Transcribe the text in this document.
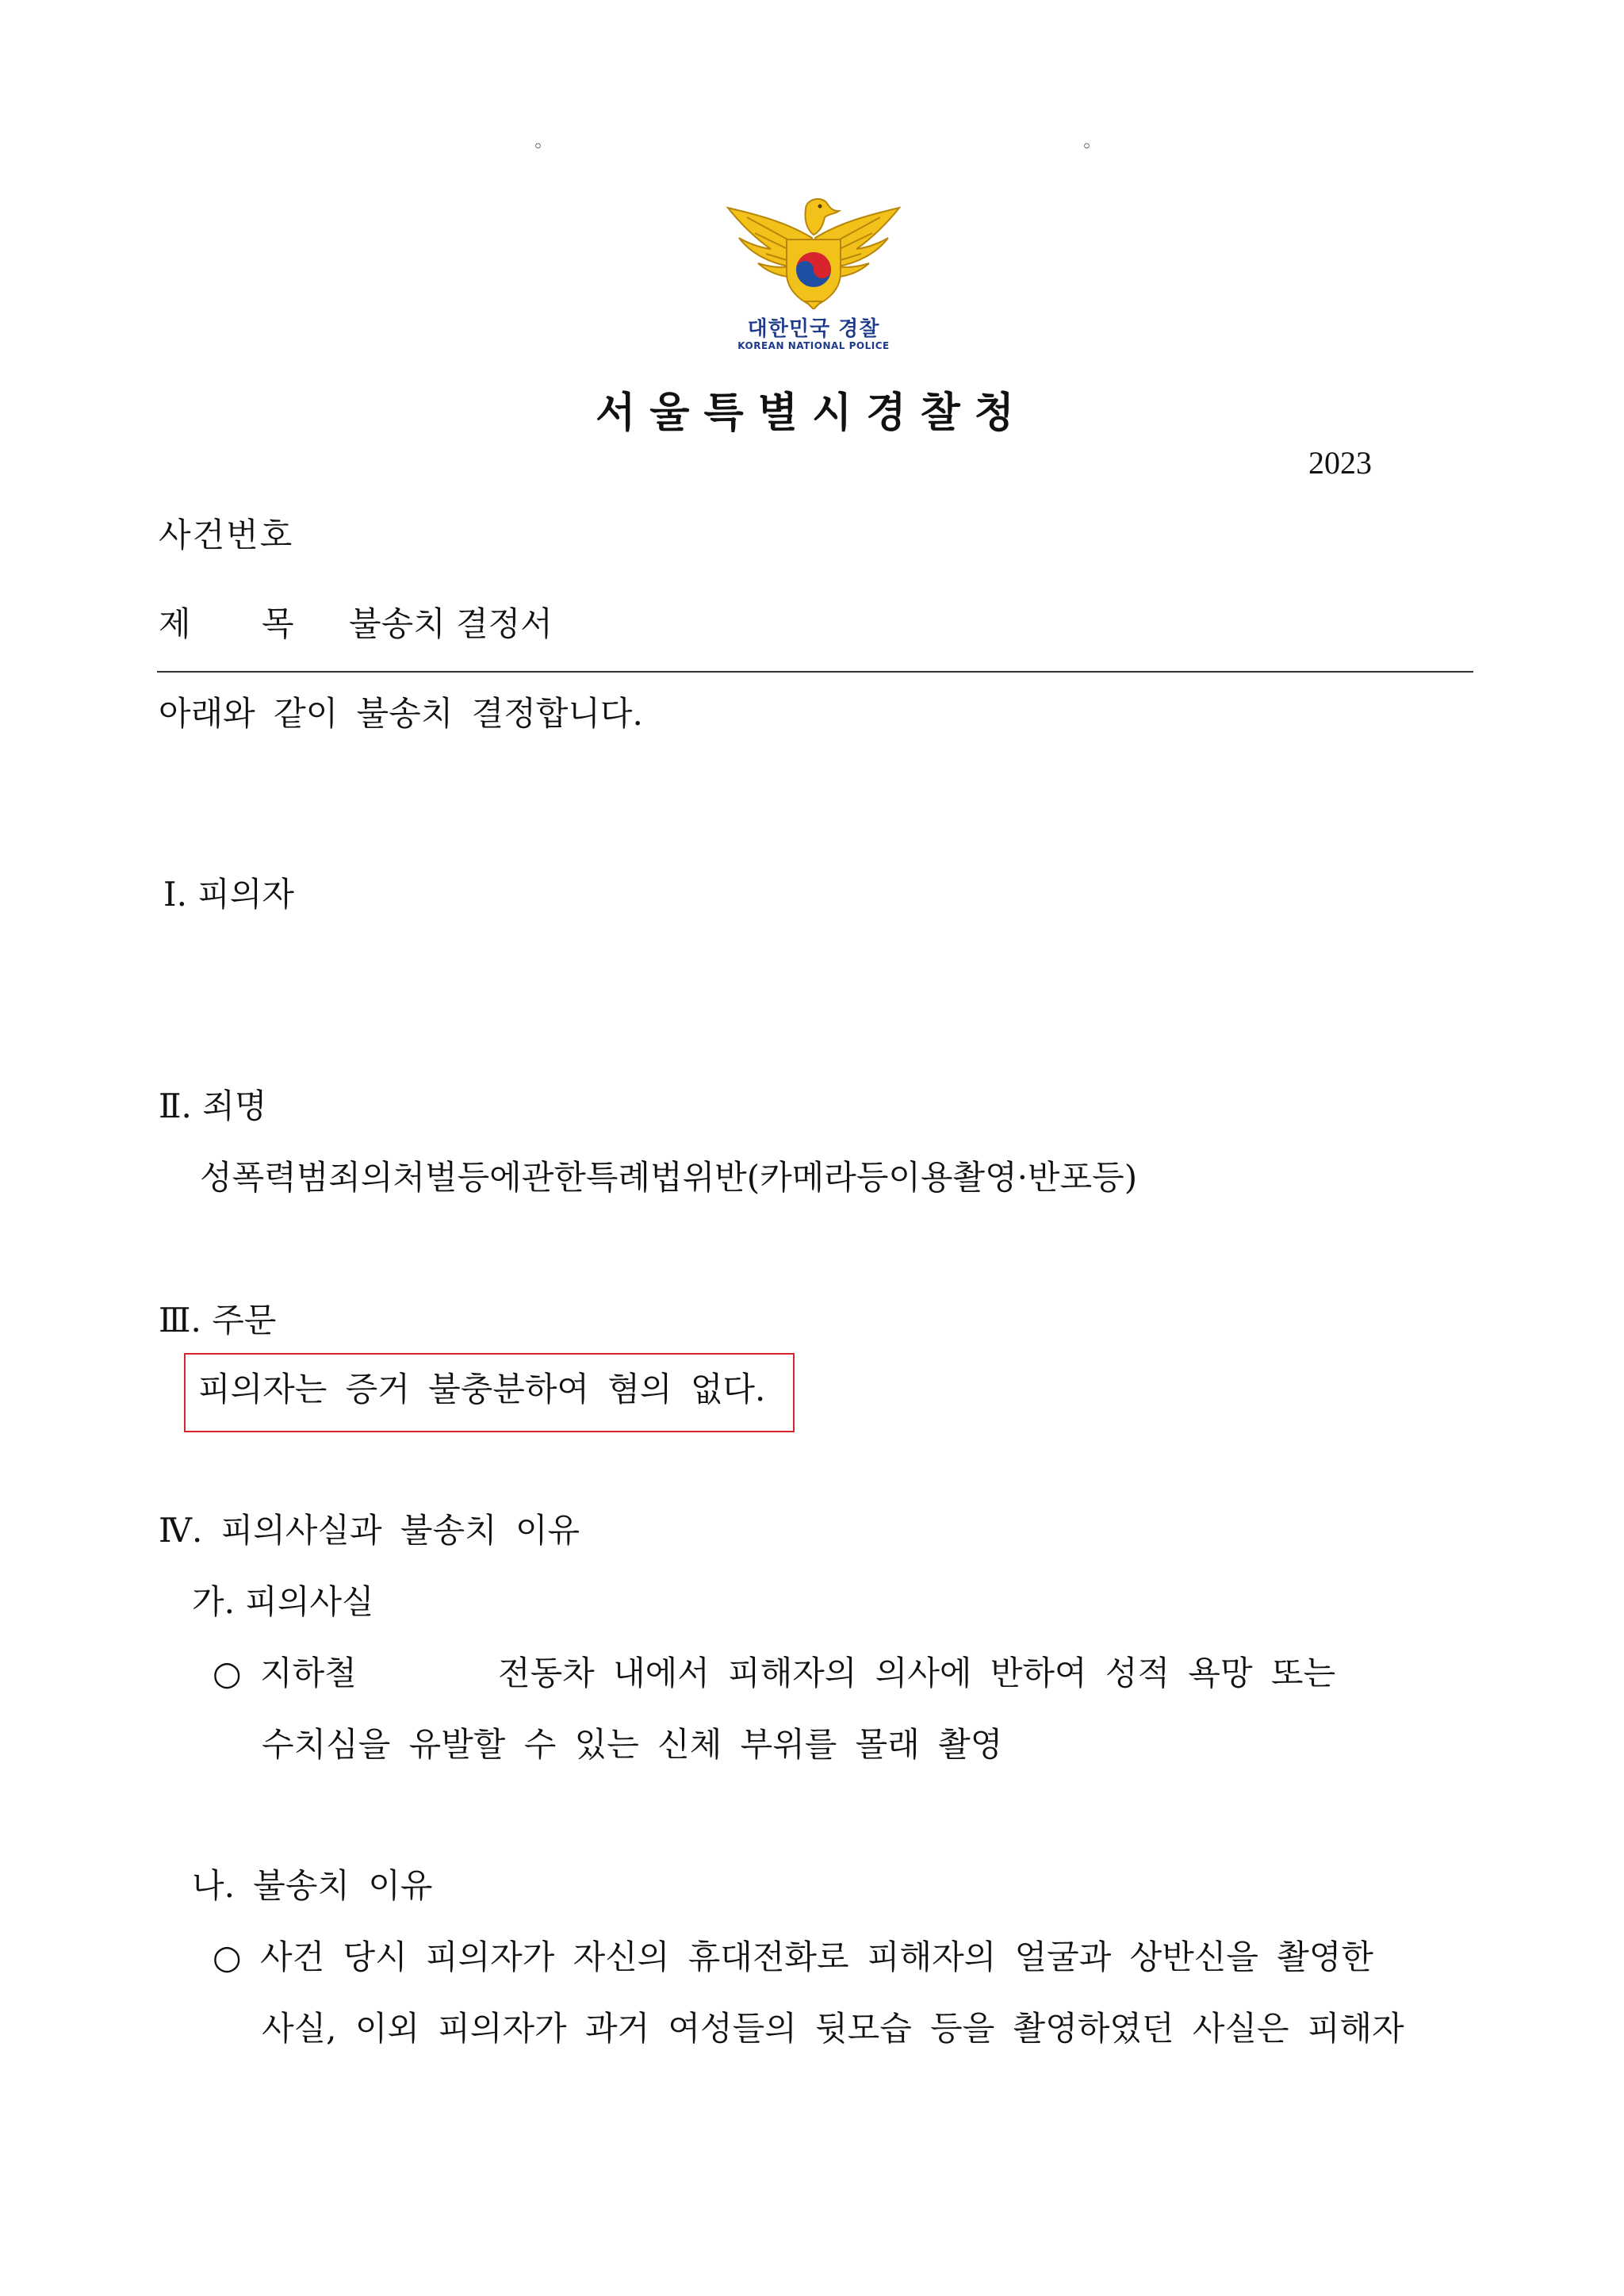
◦	◦
대한민국 경찰
KOREAN NATIONAL POLICE
서울특별시경찰청
2023
사건번호
제 목 불송치 결정서
아래와 같이 불송치 결정합니다.
Ⅰ. 피의자
Ⅱ. 죄명
성폭력범죄의처벌등에관한특례법위반(카메라등이용촬영·반포등)
Ⅲ. 주문
피의자는 증거 불충분하여 혐의 없다.
Ⅳ. 피의사실과 불송치 이유
가. 피의사실
○ 지하철	전동차 내에서 피해자의 의사에 반하여 성적 욕망 또는
수치심을 유발할 수 있는 신체 부위를 몰래 촬영
나. 불송치 이유
○ 사건 당시 피의자가 자신의 휴대전화로 피해자의 얼굴과 상반신을 촬영한
사실, 이외 피의자가 과거 여성들의 뒷모습 등을 촬영하였던 사실은 피해자
